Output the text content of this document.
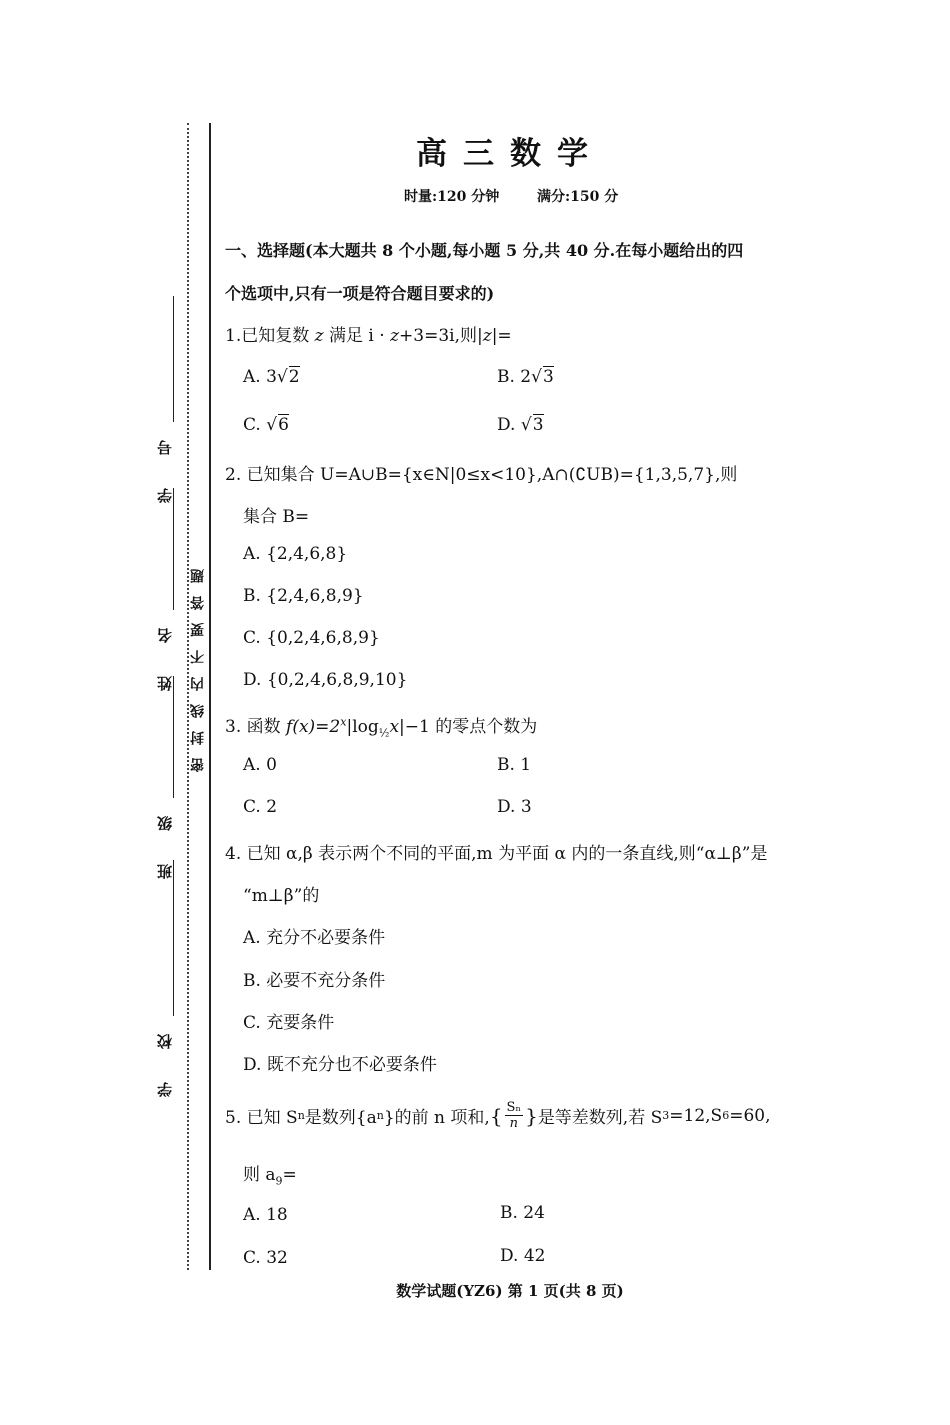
学 号
姓 名
班 级
学 校
密封线内不要答题
高三数学
时量:120 分钟	满分:150 分
一、选择题(本大题共 8 个小题,每小题 5 分,共 40 分.在每小题给出的四
个选项中,只有一项是符合题目要求的)
1.已知复数 z 满足 i · z+3=3i,则|z|=
A. 3√2	B. 2√3
C. √6	D. √3
2. 已知集合 U=A∪B={x∈N|0≤x<10},A∩(∁UB)={1,3,5,7},则
集合 B=
A. {2,4,6,8}
B. {2,4,6,8,9}
C. {0,2,4,6,8,9}
D. {0,2,4,6,8,9,10}
3. 函数 $f(x)=2^x|\log_{\frac{1}{2}}x|-1$ 的零点个数为
A. 0	B. 1
C. 2	D. 3
4. 已知 α,β 表示两个不同的平面,m 为平面 α 内的一条直线,则“α⊥β”是
“m⊥β”的
A. 充分不必要条件
B. 必要不充分条件
C. 充要条件
D. 既不充分也不必要条件
5. 已知 S n 是数列{a n }的前 n 项和, { $\frac{\text{Sₙ}}{n}$ } 是等差数列,若 S 3 =12,S 6 =60,
则 $a_9=$
A. 18	B. 24
C. 32	D. 42
数学试题(YZ6) 第 1 页(共 8 页)
